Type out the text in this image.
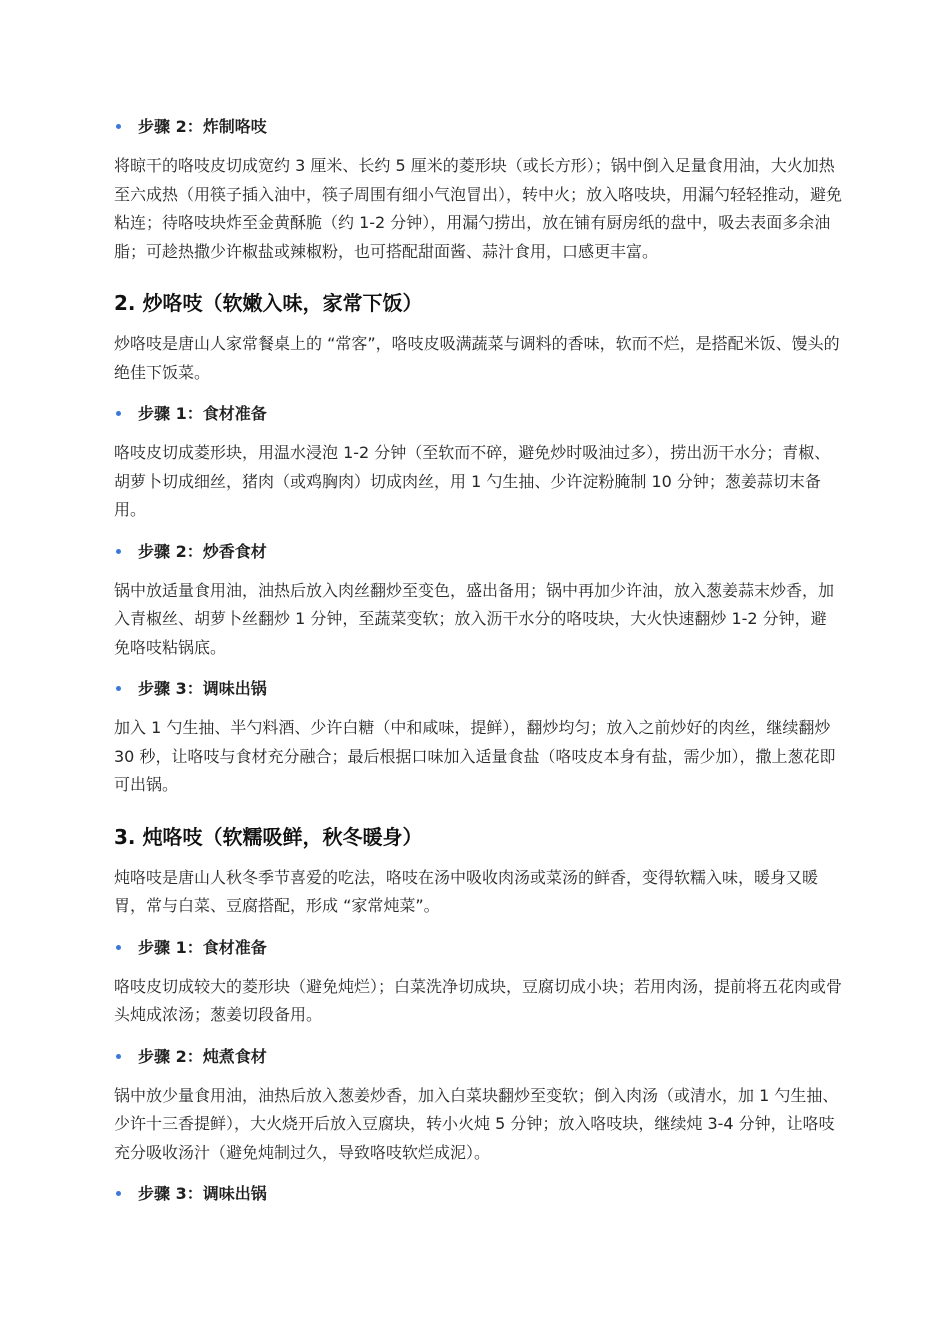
步骤 2：炸制咯吱

将晾干的咯吱皮切成宽约 3 厘米、长约 5 厘米的菱形块（或长方形）；锅中倒入足量食用油，大火加热至六成热（用筷子插入油中，筷子周围有细小气泡冒出），转中火；放入咯吱块，用漏勺轻轻推动，避免粘连；待咯吱块炸至金黄酥脆（约 1-2 分钟），用漏勺捞出，放在铺有厨房纸的盘中，吸去表面多余油脂；可趁热撒少许椒盐或辣椒粉，也可搭配甜面酱、蒜汁食用，口感更丰富。

2. 炒咯吱（软嫩入味，家常下饭）

炒咯吱是唐山人家常餐桌上的 “常客”，咯吱皮吸满蔬菜与调料的香味，软而不烂，是搭配米饭、馒头的绝佳下饭菜。

步骤 1：食材准备

咯吱皮切成菱形块，用温水浸泡 1-2 分钟（至软而不碎，避免炒时吸油过多），捞出沥干水分；青椒、胡萝卜切成细丝，猪肉（或鸡胸肉）切成肉丝，用 1 勺生抽、少许淀粉腌制 10 分钟；葱姜蒜切末备用。

步骤 2：炒香食材

锅中放适量食用油，油热后放入肉丝翻炒至变色，盛出备用；锅中再加少许油，放入葱姜蒜末炒香，加入青椒丝、胡萝卜丝翻炒 1 分钟，至蔬菜变软；放入沥干水分的咯吱块，大火快速翻炒 1-2 分钟，避免咯吱粘锅底。

步骤 3：调味出锅

加入 1 勺生抽、半勺料酒、少许白糖（中和咸味，提鲜），翻炒均匀；放入之前炒好的肉丝，继续翻炒 30 秒，让咯吱与食材充分融合；最后根据口味加入适量食盐（咯吱皮本身有盐，需少加），撒上葱花即可出锅。

3. 炖咯吱（软糯吸鲜，秋冬暖身）

炖咯吱是唐山人秋冬季节喜爱的吃法，咯吱在汤中吸收肉汤或菜汤的鲜香，变得软糯入味，暖身又暖胃，常与白菜、豆腐搭配，形成 “家常炖菜”。

步骤 1：食材准备

咯吱皮切成较大的菱形块（避免炖烂）；白菜洗净切成块，豆腐切成小块；若用肉汤，提前将五花肉或骨头炖成浓汤；葱姜切段备用。

步骤 2：炖煮食材

锅中放少量食用油，油热后放入葱姜炒香，加入白菜块翻炒至变软；倒入肉汤（或清水，加 1 勺生抽、少许十三香提鲜），大火烧开后放入豆腐块，转小火炖 5 分钟；放入咯吱块，继续炖 3-4 分钟，让咯吱充分吸收汤汁（避免炖制过久，导致咯吱软烂成泥）。

步骤 3：调味出锅
